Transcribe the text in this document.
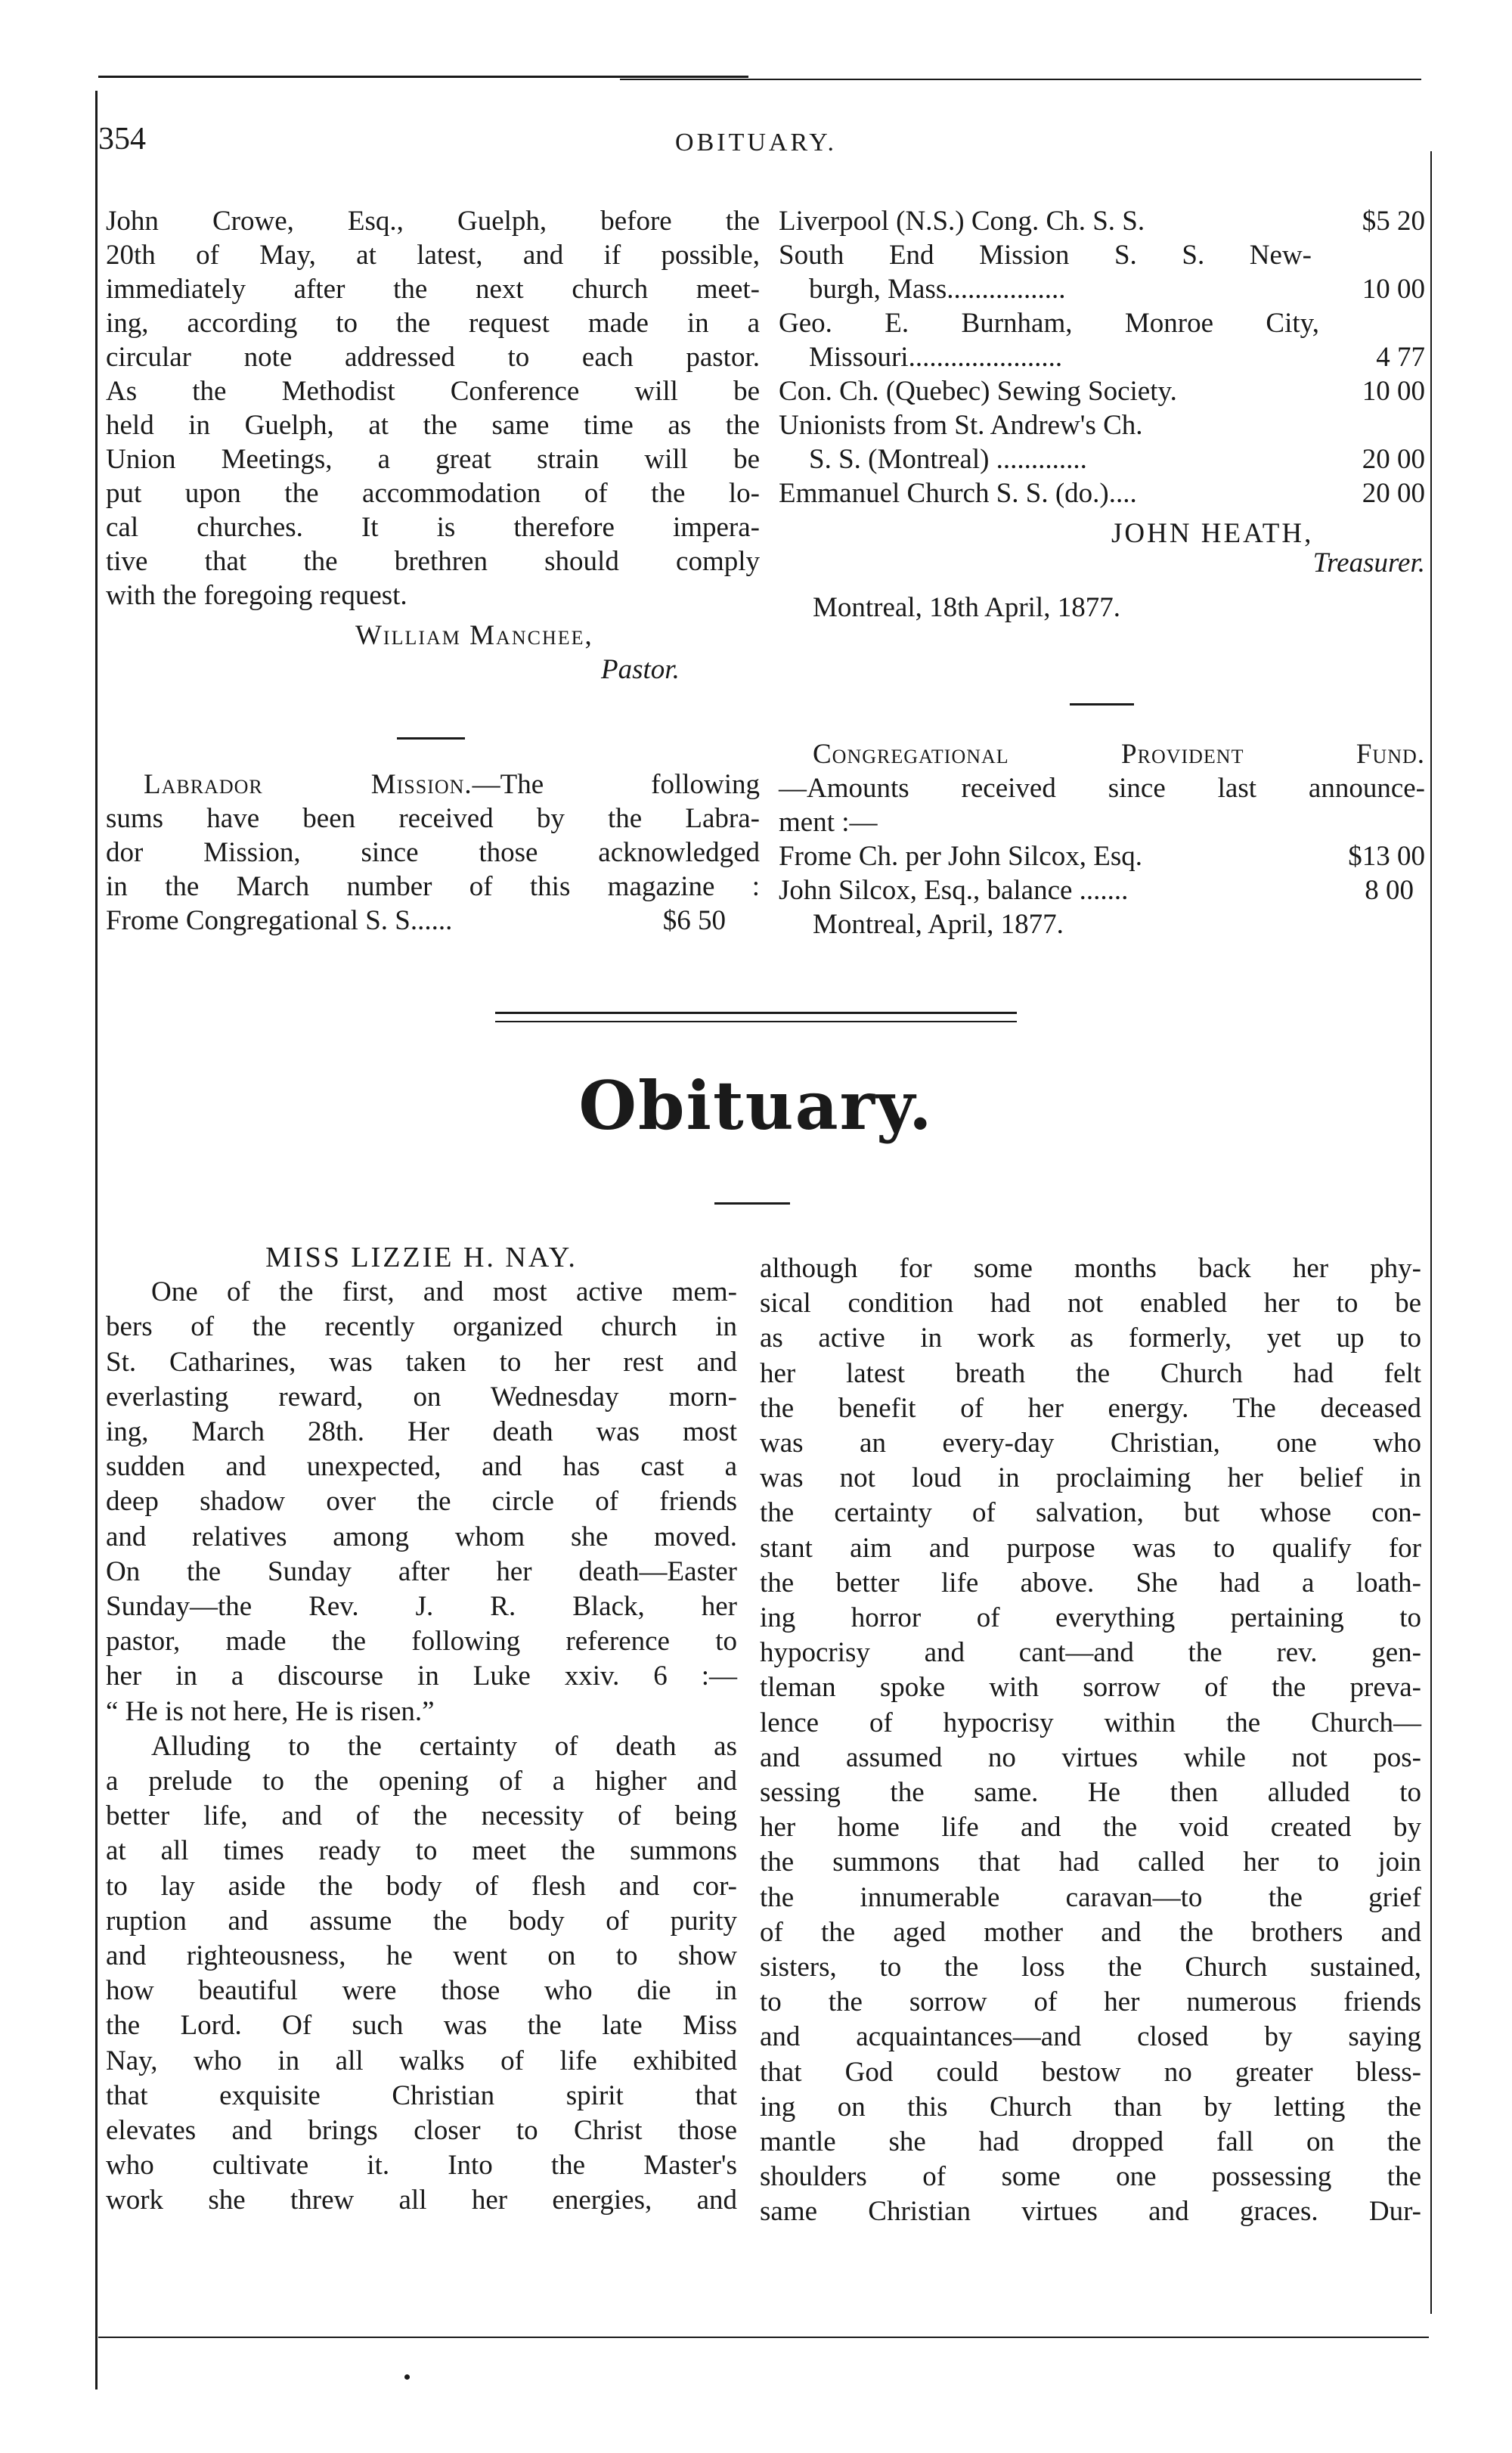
354	OBITUARY.

John Crowe, Esq., Guelph, before the

20th of May, at latest, and if possible,

immediately after the next church meet-

ing, according to the request made in a

circular note addressed to each pastor.

As the Methodist Conference will be

held in Guelph, at the same time as the

Union Meetings, a great strain will be

put upon the accommodation of the lo-

cal churches. It is therefore impera-

tive that the brethren should comply

with the foregoing request.

William Manchee,

Pastor.

Labrador Mission.—The following

sums have been received by the Labra-

dor Mission, since those acknowledged

in the March number of this magazine :

Frome Congregational S. S......	$6 50
Liverpool (N.S.) Cong. Ch. S. S.	$5 20

South End Mission S. S. New-

burgh, Mass.................	10 00

Geo. E. Burnham, Monroe City,

Missouri......................	4 77
Con. Ch. (Quebec) Sewing Society.	10 00

Unionists from St. Andrew's Ch.

S. S. (Montreal) .............	20 00
Emmanuel Church S. S. (do.)....	20 00

JOHN HEATH,

Treasurer.

Montreal, 18th April, 1877.

Congregational Provident Fund.

—Amounts received since last announce-

ment :—

Frome Ch. per John Silcox, Esq.	$13 00
John Silcox, Esq., balance .......	8 00

Montreal, April, 1877.

Obituary.

MISS LIZZIE H. NAY.

One of the first, and most active mem-

bers of the recently organized church in

St. Catharines, was taken to her rest and

everlasting reward, on Wednesday morn-

ing, March 28th. Her death was most

sudden and unexpected, and has cast a

deep shadow over the circle of friends

and relatives among whom she moved.

On the Sunday after her death—Easter

Sunday—the Rev. J. R. Black, her

pastor, made the following reference to

her in a discourse in Luke xxiv. 6 :—

“ He is not here, He is risen.”

Alluding to the certainty of death as

a prelude to the opening of a higher and

better life, and of the necessity of being

at all times ready to meet the summons

to lay aside the body of flesh and cor-

ruption and assume the body of purity

and righteousness, he went on to show

how beautiful were those who die in

the Lord. Of such was the late Miss

Nay, who in all walks of life exhibited

that exquisite Christian spirit that

elevates and brings closer to Christ those

who cultivate it. Into the Master's

work she threw all her energies, and

although for some months back her phy-

sical condition had not enabled her to be

as active in work as formerly, yet up to

her latest breath the Church had felt

the benefit of her energy. The deceased

was an every-day Christian, one who

was not loud in proclaiming her belief in

the certainty of salvation, but whose con-

stant aim and purpose was to qualify for

the better life above. She had a loath-

ing horror of everything pertaining to

hypocrisy and cant—and the rev. gen-

tleman spoke with sorrow of the preva-

lence of hypocrisy within the Church—

and assumed no virtues while not pos-

sessing the same. He then alluded to

her home life and the void created by

the summons that had called her to join

the innumerable caravan—to the grief

of the aged mother and the brothers and

sisters, to the loss the Church sustained,

to the sorrow of her numerous friends

and acquaintances—and closed by saying

that God could bestow no greater bless-

ing on this Church than by letting the

mantle she had dropped fall on the

shoulders of some one possessing the

same Christian virtues and graces. Dur-
